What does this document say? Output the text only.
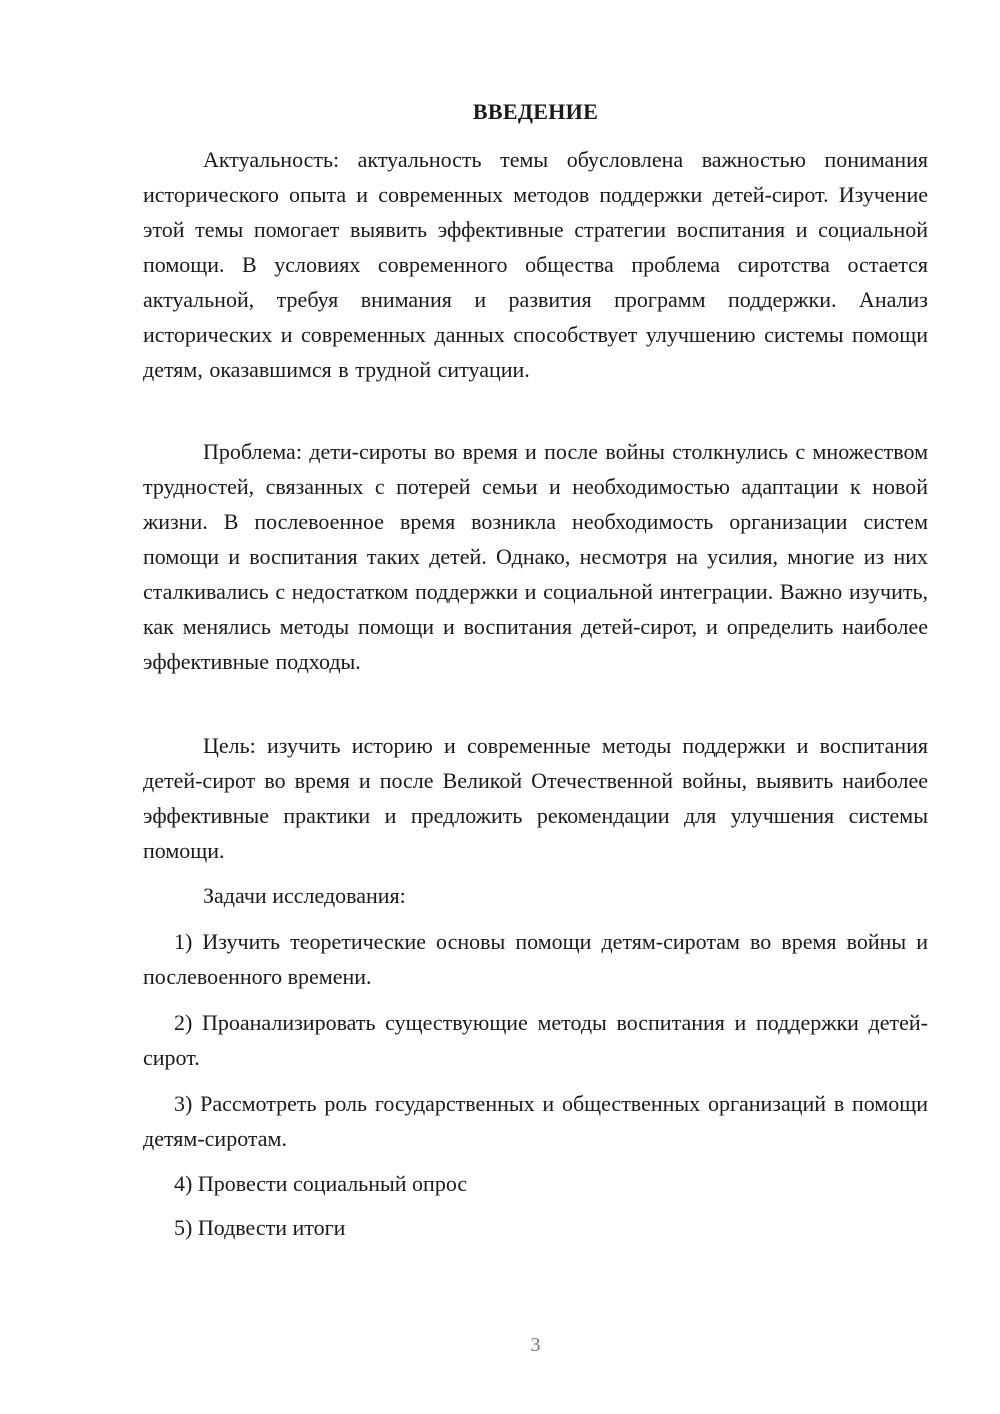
ВВЕДЕНИЕ

Актуальность: актуальность темы обусловлена важностью понимания исторического опыта и современных методов поддержки детей-сирот. Изучение этой темы помогает выявить эффективные стратегии воспитания и социальной помощи. В условиях современного общества проблема сиротства остается актуальной, требуя внимания и развития программ поддержки. Анализ исторических и современных данных способствует улучшению системы помощи детям, оказавшимся в трудной ситуации.

Проблема: дети-сироты во время и после войны столкнулись с множеством трудностей, связанных с потерей семьи и необходимостью адаптации к новой жизни. В послевоенное время возникла необходимость организации систем помощи и воспитания таких детей. Однако, несмотря на усилия, многие из них сталкивались с недостатком поддержки и социальной интеграции. Важно изучить, как менялись методы помощи и воспитания детей-сирот, и определить наиболее эффективные подходы.

Цель: изучить историю и современные методы поддержки и воспитания детей-сирот во время и после Великой Отечественной войны, выявить наиболее эффективные практики и предложить рекомендации для улучшения системы помощи.

Задачи исследования:

1) Изучить теоретические основы помощи детям-сиротам во время войны и послевоенного времени.

2) Проанализировать существующие методы воспитания и поддержки детей-сирот.

3) Рассмотреть роль государственных и общественных организаций в помощи детям-сиротам.

4) Провести социальный опрос

5) Подвести итоги

3
